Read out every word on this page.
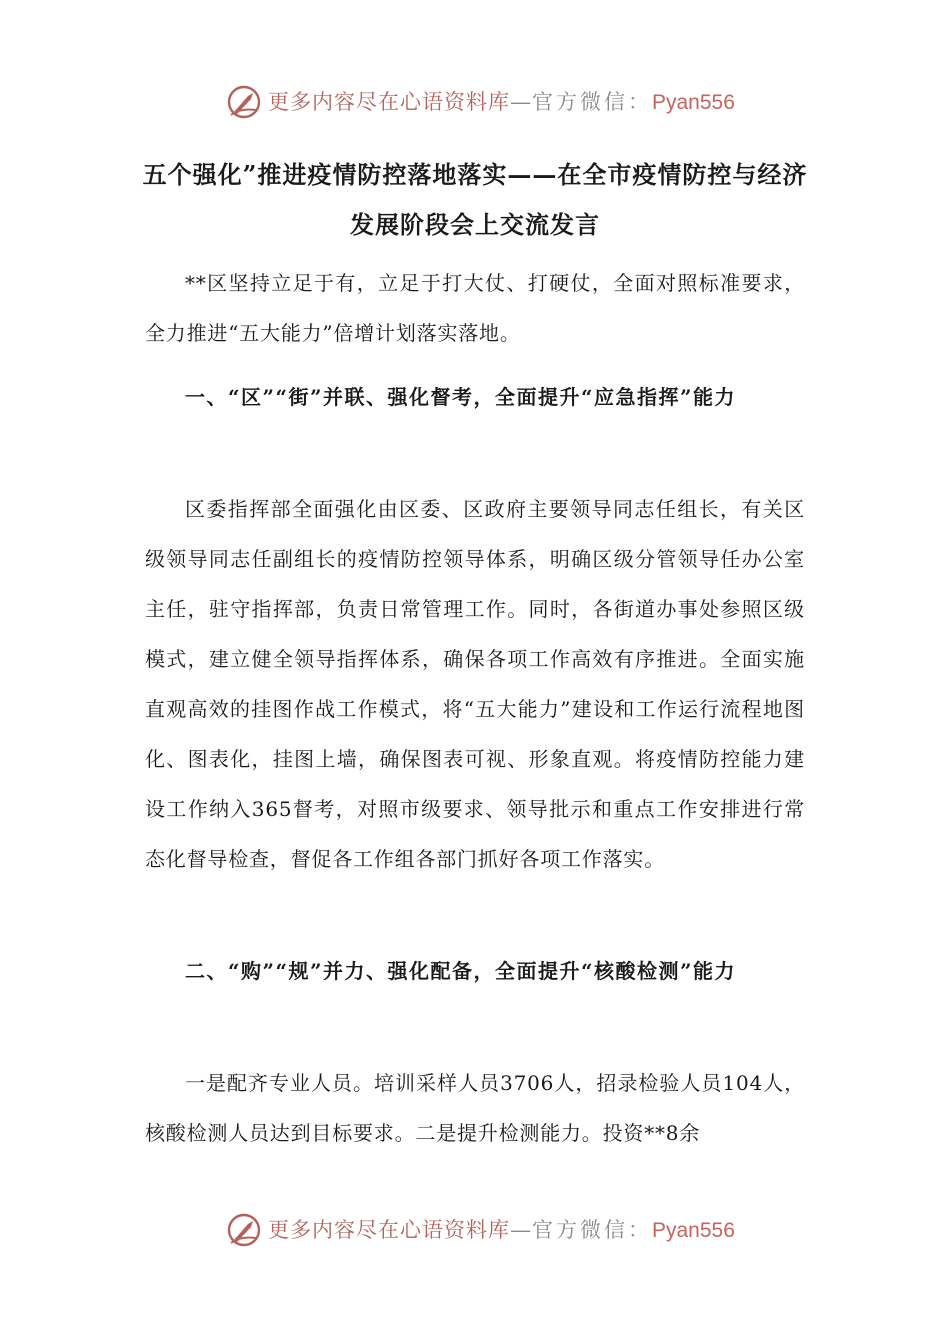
更多内容尽在心语资料库—官方微信：Pyan556
五个强化”推进疫情防控落地落实——在全市疫情防控与经济发展阶段会上交流发言

**区坚持立足于有，立足于打大仗、打硬仗，全面对照标准要求，全力推进“五大能力”倍增计划落实落地。

一、“区”“街”并联、强化督考，全面提升“应急指挥”能力

区委指挥部全面强化由区委、区政府主要领导同志任组长，有关区级领导同志任副组长的疫情防控领导体系，明确区级分管领导任办公室主任，驻守指挥部，负责日常管理工作。同时，各街道办事处参照区级模式，建立健全领导指挥体系，确保各项工作高效有序推进。全面实施直观高效的挂图作战工作模式，将“五大能力”建设和工作运行流程地图化、图表化，挂图上墙，确保图表可视、形象直观。将疫情防控能力建设工作纳入365督考，对照市级要求、领导批示和重点工作安排进行常态化督导检查，督促各工作组各部门抓好各项工作落实。

二、“购”“规”并力、强化配备，全面提升“核酸检测”能力

一是配齐专业人员。培训采样人员3706人，招录检验人员104人，核酸检测人员达到目标要求。二是提升检测能力。投资**8余

更多内容尽在心语资料库—官方微信：Pyan556
